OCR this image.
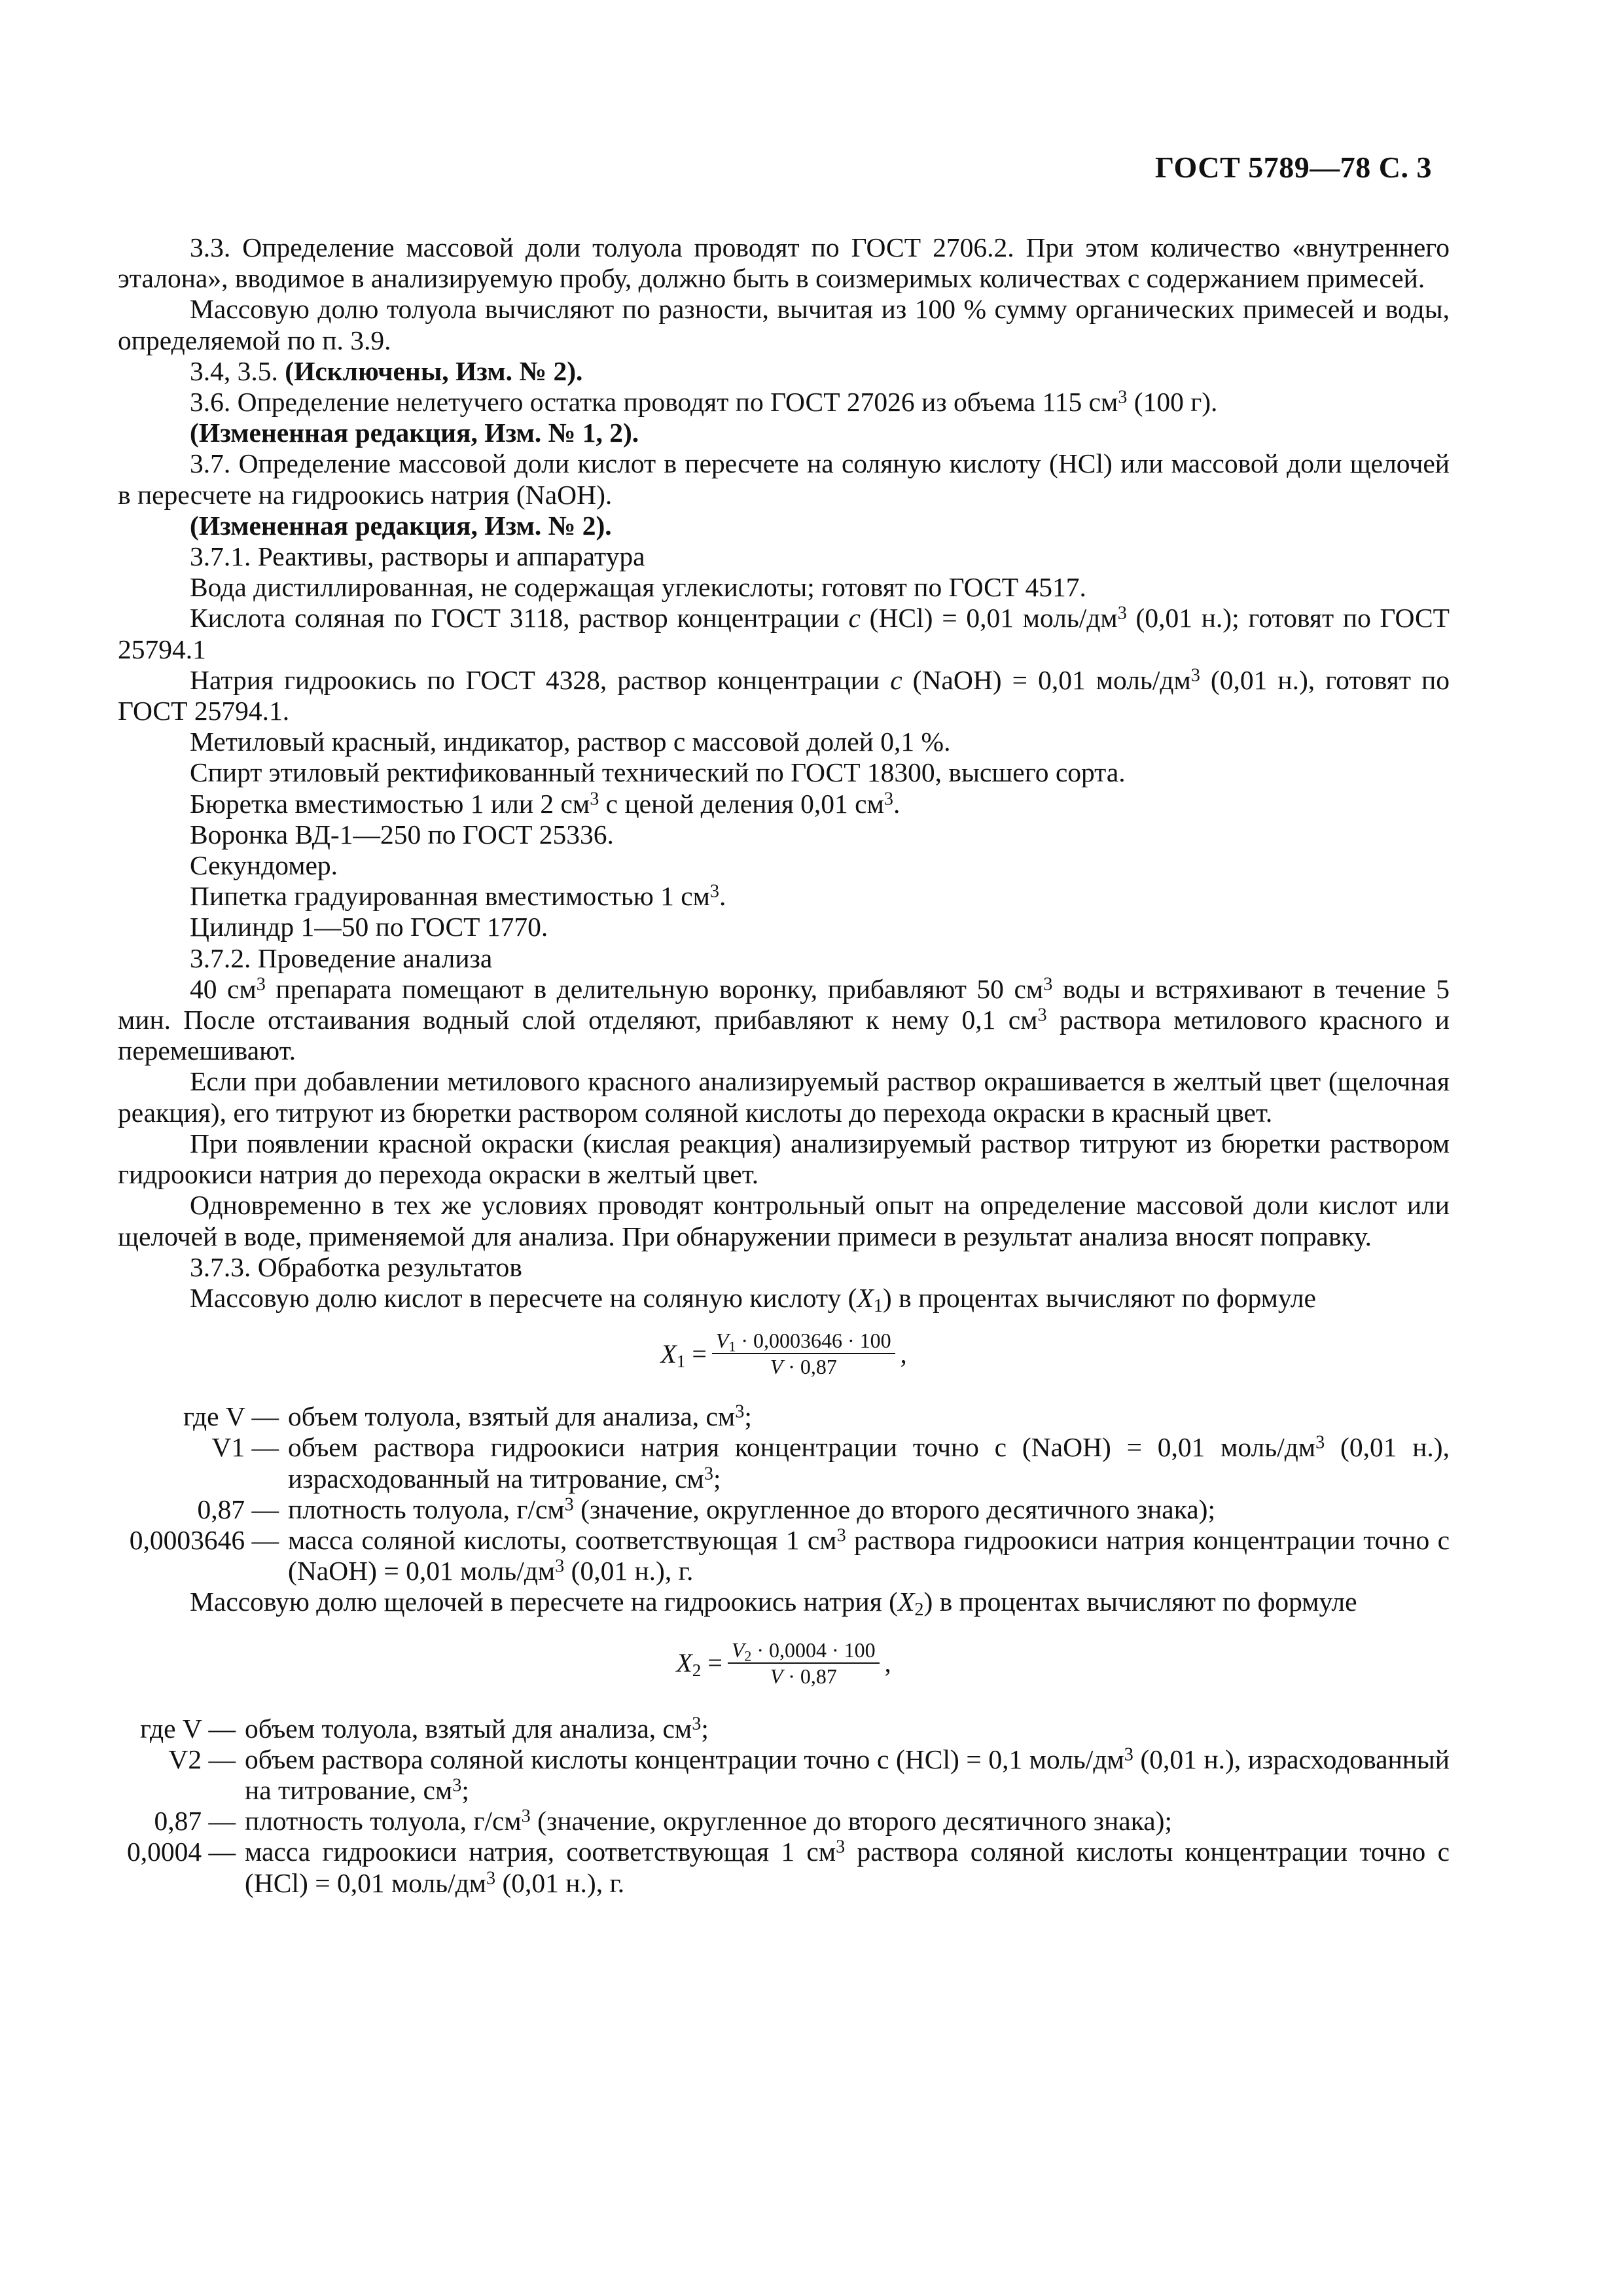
ГОСТ 5789—78 С. 3

3.3. Определение массовой доли толуола проводят по ГОСТ 2706.2. При этом количество «внутреннего эталона», вводимое в анализируемую пробу, должно быть в соизмеримых количествах с содержанием примесей.

Массовую долю толуола вычисляют по разности, вычитая из 100 % сумму органических примесей и воды, определяемой по п. 3.9.

3.4, 3.5. (Исключены, Изм. № 2).

3.6. Определение нелетучего остатка проводят по ГОСТ 27026 из объема 115 $см^3$ (100 г).

(Измененная редакция, Изм. № 1, 2).

3.7. Определение массовой доли кислот в пересчете на соляную кислоту (HCl) или массовой доли щелочей в пересчете на гидроокись натрия (NaOH).

(Измененная редакция, Изм. № 2).

3.7.1. Реактивы, растворы и аппаратура

Вода дистиллированная, не содержащая углекислоты; готовят по ГОСТ 4517.

Кислота соляная по ГОСТ 3118, раствор концентрации c (HCl) = 0,01 моль/$дм^3$ (0,01 н.); готовят по ГОСТ 25794.1

Натрия гидроокись по ГОСТ 4328, раствор концентрации c (NaOH) = 0,01 моль/$дм^3$ (0,01 н.), готовят по ГОСТ 25794.1.

Метиловый красный, индикатор, раствор с массовой долей 0,1 %.

Спирт этиловый ректификованный технический по ГОСТ 18300, высшего сорта.

Бюретка вместимостью 1 или 2 $см^3$ с ценой деления 0,01 $см^3$.

Воронка ВД-1—250 по ГОСТ 25336.

Секундомер.

Пипетка градуированная вместимостью 1 $см^3$.

Цилиндр 1—50 по ГОСТ 1770.

3.7.2. Проведение анализа

40 $см^3$ препарата помещают в делительную воронку, прибавляют 50 $см^3$ воды и встряхивают в течение 5 мин. После отстаивания водный слой отделяют, прибавляют к нему 0,1 $см^3$ раствора метилового красного и перемешивают.

Если при добавлении метилового красного анализируемый раствор окрашивается в желтый цвет (щелочная реакция), его титруют из бюретки раствором соляной кислоты до перехода окраски в красный цвет.

При появлении красной окраски (кислая реакция) анализируемый раствор титруют из бюретки раствором гидроокиси натрия до перехода окраски в желтый цвет.

Одновременно в тех же условиях проводят контрольный опыт на определение массовой доли кислот или щелочей в воде, применяемой для анализа. При обнаружении примеси в результат анализа вносят поправку.

3.7.3. Обработка результатов

Массовую долю кислот в пересчете на соляную кислоту $(X_1)$ в процентах вычисляют по формуле

$X_1 = \frac{V_1 \cdot 0,0003646 \cdot 100}{V \cdot 0,87}$ ,
где V — объем толуола, взятый для анализа, $см^3$;
V1 — объем раствора гидроокиси натрия концентрации точно c (NaOH) = 0,01 моль/$дм^3$ (0,01 н.), израсходованный на титрование, $см^3$;
0,87 — плотность толуола, $г/см^3$ (значение, округленное до второго десятичного знака);
0,0003646 — масса соляной кислоты, соответствующая 1 $см^3$ раствора гидроокиси натрия концентрации точно c (NaOH) = 0,01 моль/$дм^3$ (0,01 н.), г.

Массовую долю щелочей в пересчете на гидроокись натрия $(X_2)$ в процентах вычисляют по формуле

$X_2 = \frac{V_2 \cdot 0,0004 \cdot 100}{V \cdot 0,87}$ ,
где V — объем толуола, взятый для анализа, $см^3$;
V2 — объем раствора соляной кислоты концентрации точно c (HCl) = 0,1 моль/$дм^3$ (0,01 н.), израсходованный на титрование, $см^3$;
0,87 — плотность толуола, $г/см^3$ (значение, округленное до второго десятичного знака);
0,0004 — масса гидроокиси натрия, соответствующая 1 $см^3$ раствора соляной кислоты концентрации точно c (HCl) = 0,01 моль/$дм^3$ (0,01 н.), г.
